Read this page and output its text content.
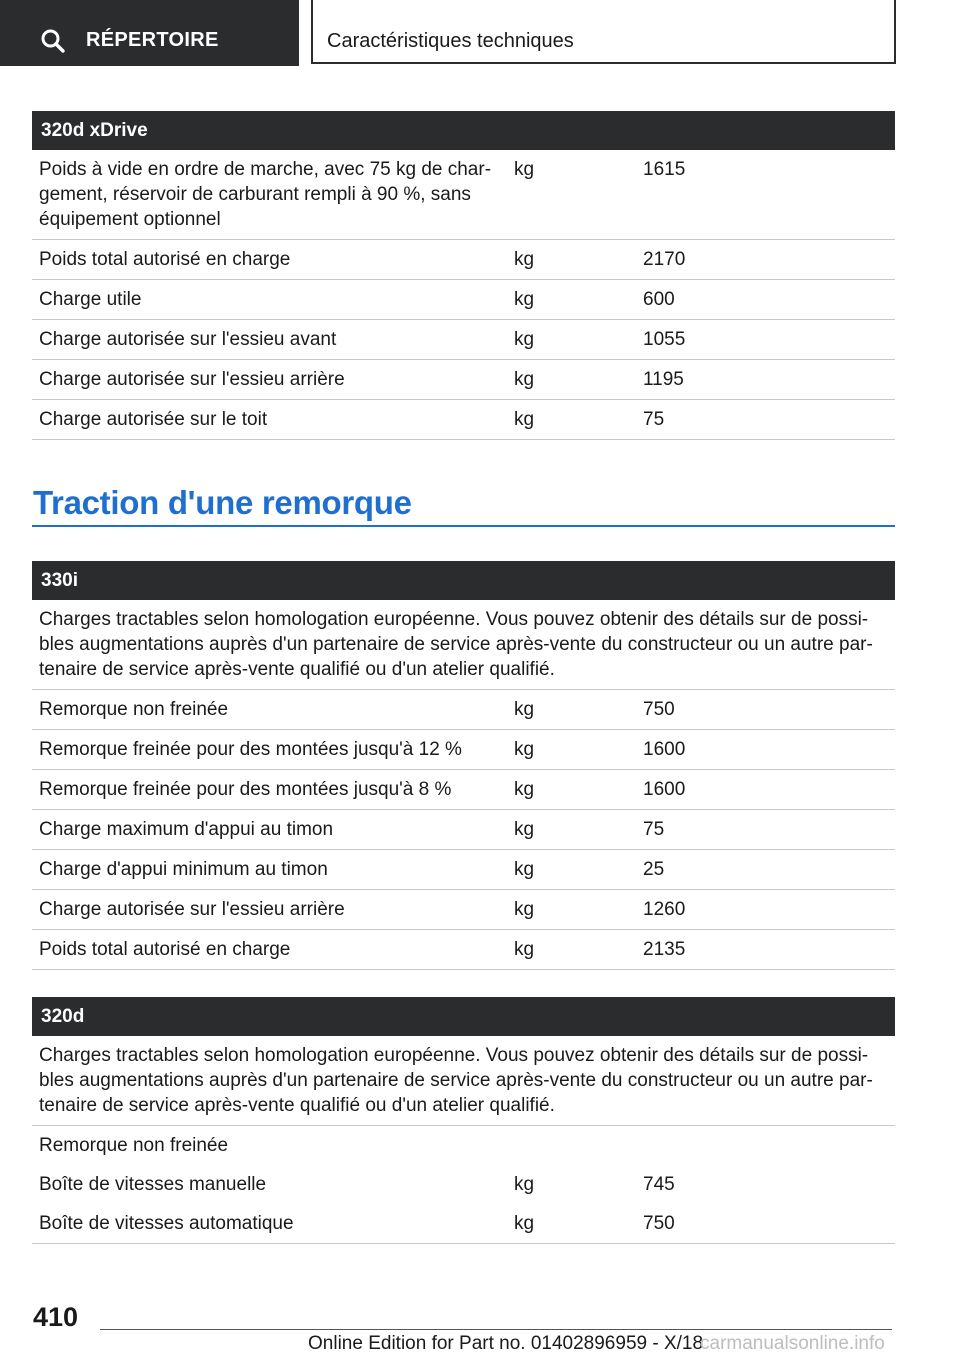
RÉPERTOIRE	Caractéristiques techniques
320d xDrive
Poids à vide en ordre de marche, avec 75 kg de char-
gement, réservoir de carburant rempli à 90 %, sans
équipement optionnel
kg	1615
Poids total autorisé en charge	kg	2170
Charge utile	kg	600
Charge autorisée sur l'essieu avant	kg	1055
Charge autorisée sur l'essieu arrière	kg	1195
Charge autorisée sur le toit	kg	75
Traction d'une remorque
330i
Charges tractables selon homologation européenne. Vous pouvez obtenir des détails sur de possi-
bles augmentations auprès d'un partenaire de service après-vente du constructeur ou un autre par-
tenaire de service après-vente qualifié ou d'un atelier qualifié.
Remorque non freinée	kg	750
Remorque freinée pour des montées jusqu'à 12 %	kg	1600
Remorque freinée pour des montées jusqu'à 8 %	kg	1600
Charge maximum d'appui au timon	kg	75
Charge d'appui minimum au timon	kg	25
Charge autorisée sur l'essieu arrière	kg	1260
Poids total autorisé en charge	kg	2135
320d
Charges tractables selon homologation européenne. Vous pouvez obtenir des détails sur de possi-
bles augmentations auprès d'un partenaire de service après-vente du constructeur ou un autre par-
tenaire de service après-vente qualifié ou d'un atelier qualifié.
Remorque non freinée
Boîte de vitesses manuelle	kg	745
Boîte de vitesses automatique	kg	750
410
Online Edition for Part no. 01402896959 - X/18
carmanualsonline.info
